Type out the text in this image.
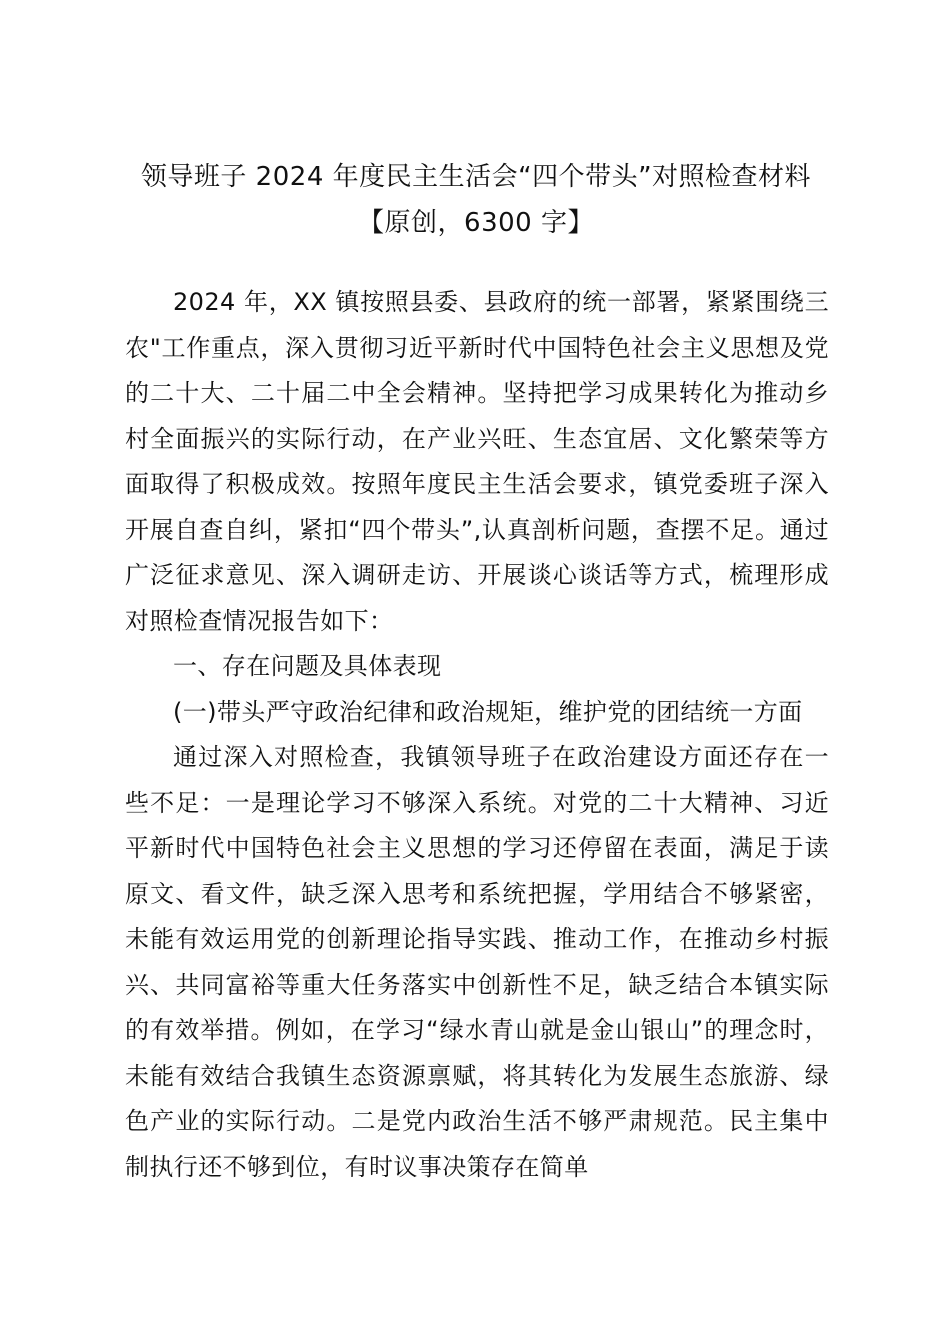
领导班子 2024 年度民主生活会“四个带头”对照检查材料【原创，6300 字】

2024 年，XX 镇按照县委、县政府的统一部署，紧紧围绕三农"工作重点，深入贯彻习近平新时代中国特色社会主义思想及党的二十大、二十届二中全会精神。坚持把学习成果转化为推动乡村全面振兴的实际行动，在产业兴旺、生态宜居、文化繁荣等方面取得了积极成效。按照年度民主生活会要求，镇党委班子深入开展自查自纠，紧扣“四个带头”,认真剖析问题，查摆不足。通过广泛征求意见、深入调研走访、开展谈心谈话等方式，梳理形成对照检查情况报告如下：

一、存在问题及具体表现

(一)带头严守政治纪律和政治规矩，维护党的团结统一方面

通过深入对照检查，我镇领导班子在政治建设方面还存在一些不足：一是理论学习不够深入系统。对党的二十大精神、习近平新时代中国特色社会主义思想的学习还停留在表面，满足于读原文、看文件，缺乏深入思考和系统把握，学用结合不够紧密，未能有效运用党的创新理论指导实践、推动工作，在推动乡村振兴、共同富裕等重大任务落实中创新性不足，缺乏结合本镇实际的有效举措。例如，在学习“绿水青山就是金山银山”的理念时，未能有效结合我镇生态资源禀赋，将其转化为发展生态旅游、绿色产业的实际行动。二是党内政治生活不够严肃规范。民主集中制执行还不够到位，有时议事决策存在简单
